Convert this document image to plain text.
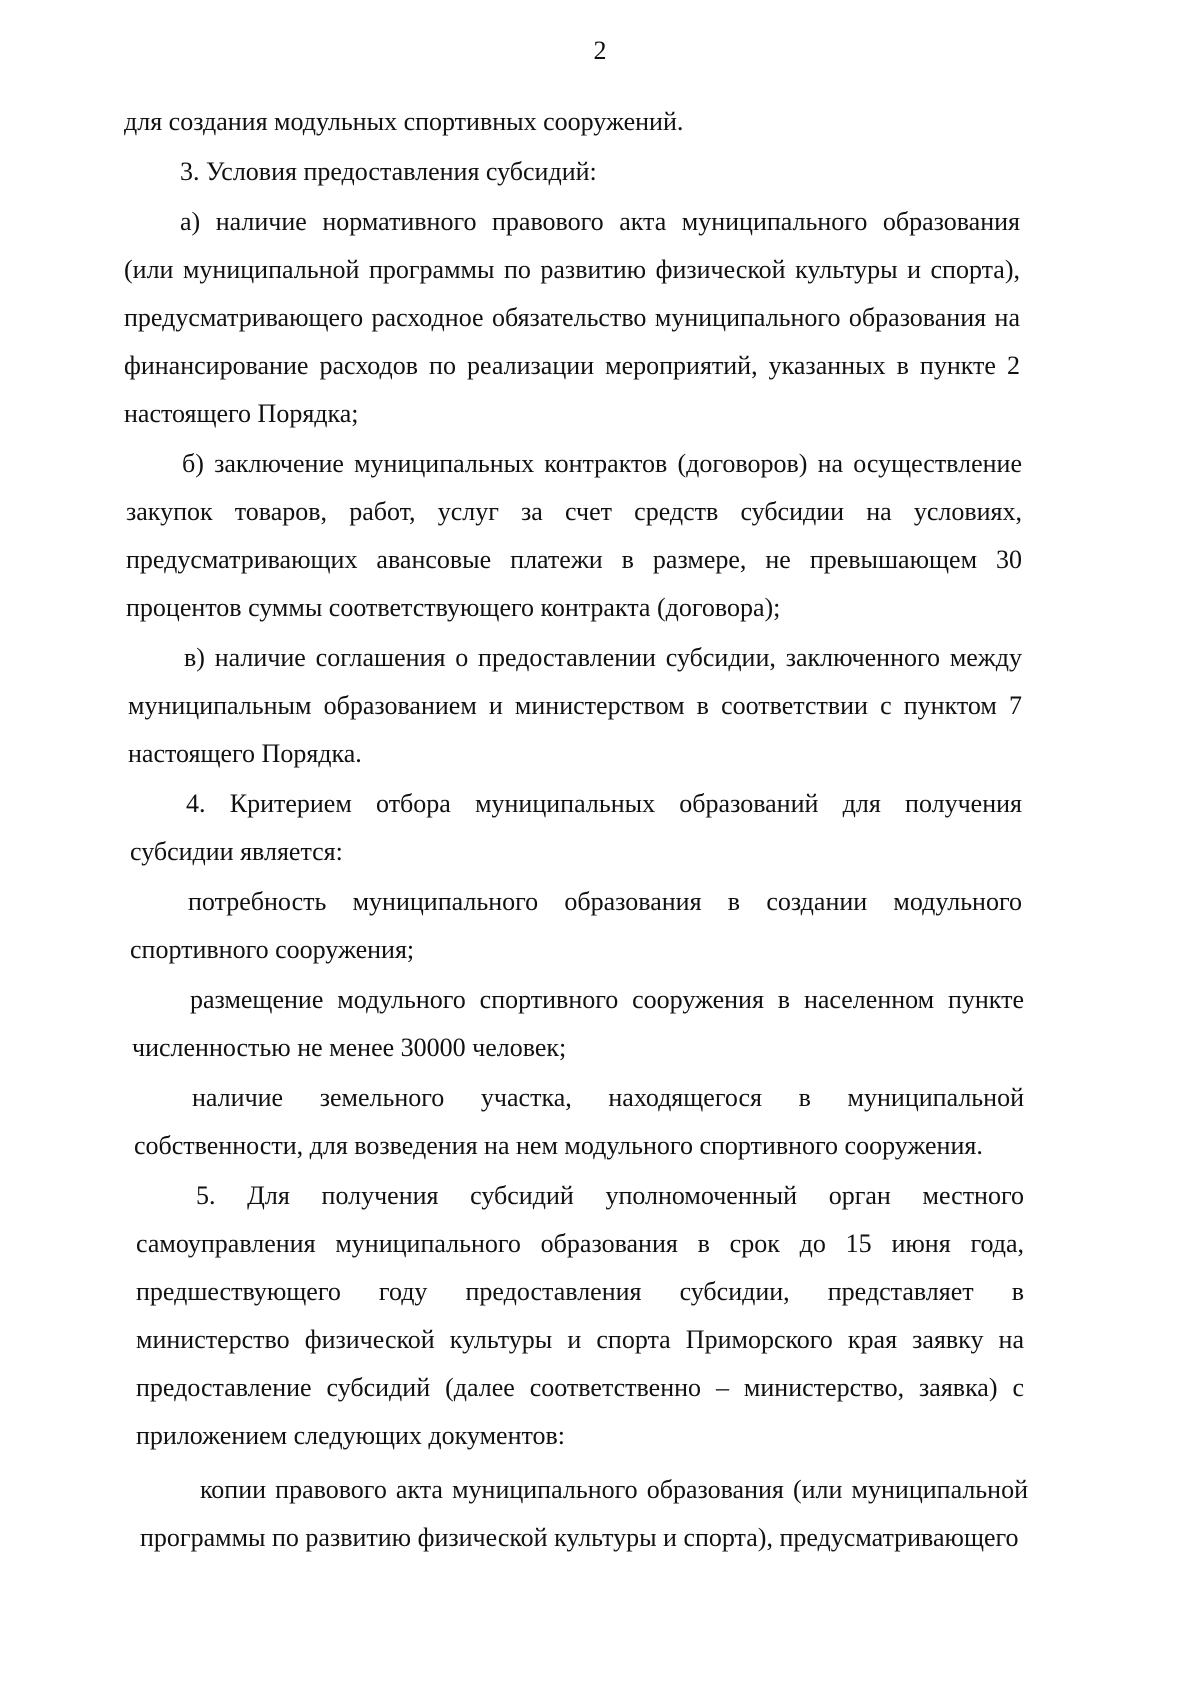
2

для создания модульных спортивных сооружений.

3. Условия предоставления субсидий:

а) наличие нормативного правового акта муниципального образования (или муниципальной программы по развитию физической культуры и спорта), предусматривающего расходное обязательство муниципального образования на финансирование расходов по реализации мероприятий, указанных в пункте 2 настоящего Порядка;

б) заключение муниципальных контрактов (договоров) на осуществление закупок товаров, работ, услуг за счет средств субсидии на условиях, предусматривающих авансовые платежи в размере, не превышающем 30 процентов суммы соответствующего контракта (договора);

в) наличие соглашения о предоставлении субсидии, заключенного между муниципальным образованием и министерством в соответствии с пунктом 7 настоящего Порядка.

4. Критерием отбора муниципальных образований для получения субсидии является:

потребность муниципального образования в создании модульного спортивного сооружения;

размещение модульного спортивного сооружения в населенном пункте численностью не менее 30000 человек;

наличие земельного участка, находящегося в муниципальной собственности, для возведения на нем модульного спортивного сооружения.

5. Для получения субсидий уполномоченный орган местного самоуправления муниципального образования в срок до 15 июня года, предшествующего году предоставления субсидии, представляет в министерство физической культуры и спорта Приморского края заявку на предоставление субсидий (далее соответственно – министерство, заявка) с приложением следующих документов:

копии правового акта муниципального образования (или муниципальной программы по развитию физической культуры и спорта), предусматривающего
